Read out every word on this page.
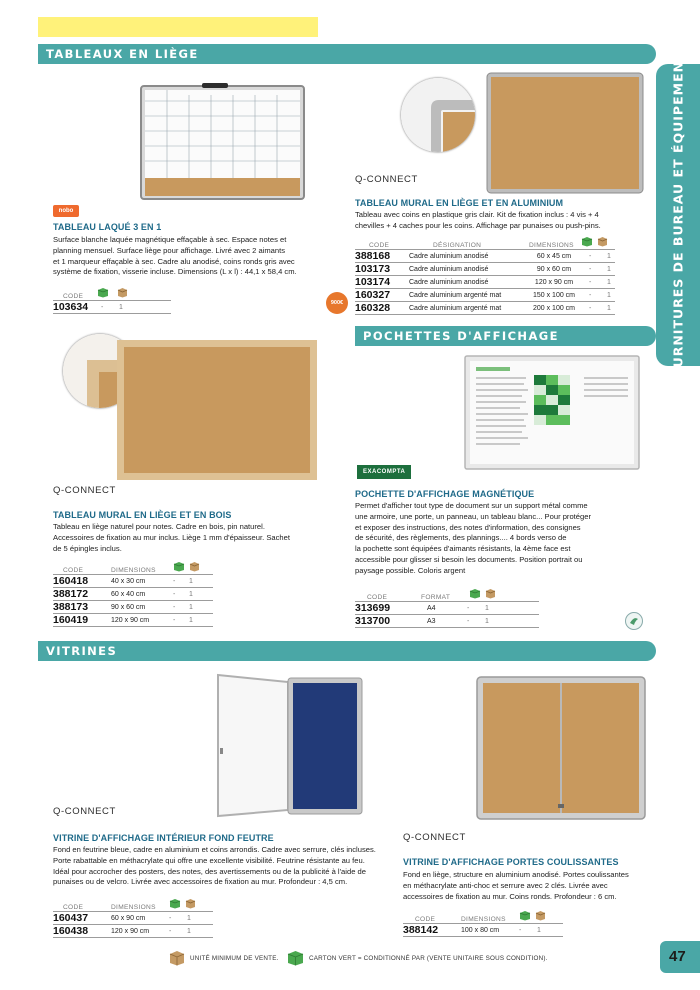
TABLEAUX EN LIÈGE	FOURNITURES DE BUREAU ET ÉQUIPEMENTS
nobo
TABLEAU LAQUÉ 3 EN 1
Surface blanche laquée magnétique effaçable à sec. Espace notes et
planning mensuel. Surface liège pour affichage. Livré avec 2 aimants
et 1 marqueur effaçable à sec. Cadre alu anodisé, coins ronds gris avec
système de fixation, visserie incluse. Dimensions (L x l) : 44,1 x 58,4 cm.
CODE
103634	-	1
900€
Q-CONNECT
TABLEAU MURAL EN LIÈGE ET EN ALUMINIUM
Tableau avec coins en plastique gris clair. Kit de fixation inclus : 4 vis + 4
chevilles + 4 caches pour les coins. Affichage par punaises ou push-pins.
CODE	DÉSIGNATION	DIMENSIONS
388168	Cadre aluminium anodisé	60 x 45 cm	-	1
103173	Cadre aluminium anodisé	90 x 60 cm	-	1
103174	Cadre aluminium anodisé	120 x 90 cm	-	1
160327	Cadre aluminium argenté mat	150 x 100 cm	-	1
160328	Cadre aluminium argenté mat	200 x 100 cm	-	1
POCHETTES D'AFFICHAGE
Q-CONNECT
TABLEAU MURAL EN LIÈGE ET EN BOIS
Tableau en liège naturel pour notes. Cadre en bois, pin naturel.
Accessoires de fixation au mur inclus. Liège 1 mm d'épaisseur. Sachet
de 5 épingles inclus.
CODE	DIMENSIONS
160418	40 x 30 cm	-	1
388172	60 x 40 cm	-	1
388173	90 x 60 cm	-	1
160419	120 x 90 cm	-	1
EXACOMPTA
POCHETTE D'AFFICHAGE MAGNÉTIQUE
Permet d'afficher tout type de document sur un support métal comme
une armoire, une porte, un panneau, un tableau blanc... Pour protéger
et exposer des instructions, des notes d'information, des consignes
de sécurité, des règlements, des plannings.... 4 bords verso de
la pochette sont équipées d'aimants résistants, la 4ème face est
accessible pour glisser si besoin les documents. Position portrait ou
paysage possible. Coloris argent
CODE	FORMAT
313699	A4	-	1
313700	A3	-	1
VITRINES
Q-CONNECT
VITRINE D'AFFICHAGE INTÉRIEUR FOND FEUTRE
Fond en feutrine bleue, cadre en aluminium et coins arrondis. Cadre avec serrure, clés incluses.
Porte rabattable en méthacrylate qui offre une excellente visibilité. Feutrine résistante au feu.
Idéal pour accrocher des posters, des notes, des avertissements ou de la publicité à l'aide de
punaises ou de velcro. Livrée avec accessoires de fixation au mur. Profondeur : 4,5 cm.
CODE	DIMENSIONS
160437	60 x 90 cm	-	1
160438	120 x 90 cm	-	1
Q-CONNECT
VITRINE D'AFFICHAGE PORTES COULISSANTES
Fond en liège, structure en aluminium anodisé. Portes coulissantes
en méthacrylate anti-choc et serrure avec 2 clés. Livrée avec
accessoires de fixation au mur. Coins ronds. Profondeur : 6 cm.
CODE	DIMENSIONS
388142	100 x 80 cm	-	1
UNITÉ MINIMUM DE VENTE.	CARTON VERT = CONDITIONNÉ PAR (VENTE UNITAIRE SOUS CONDITION).	47
